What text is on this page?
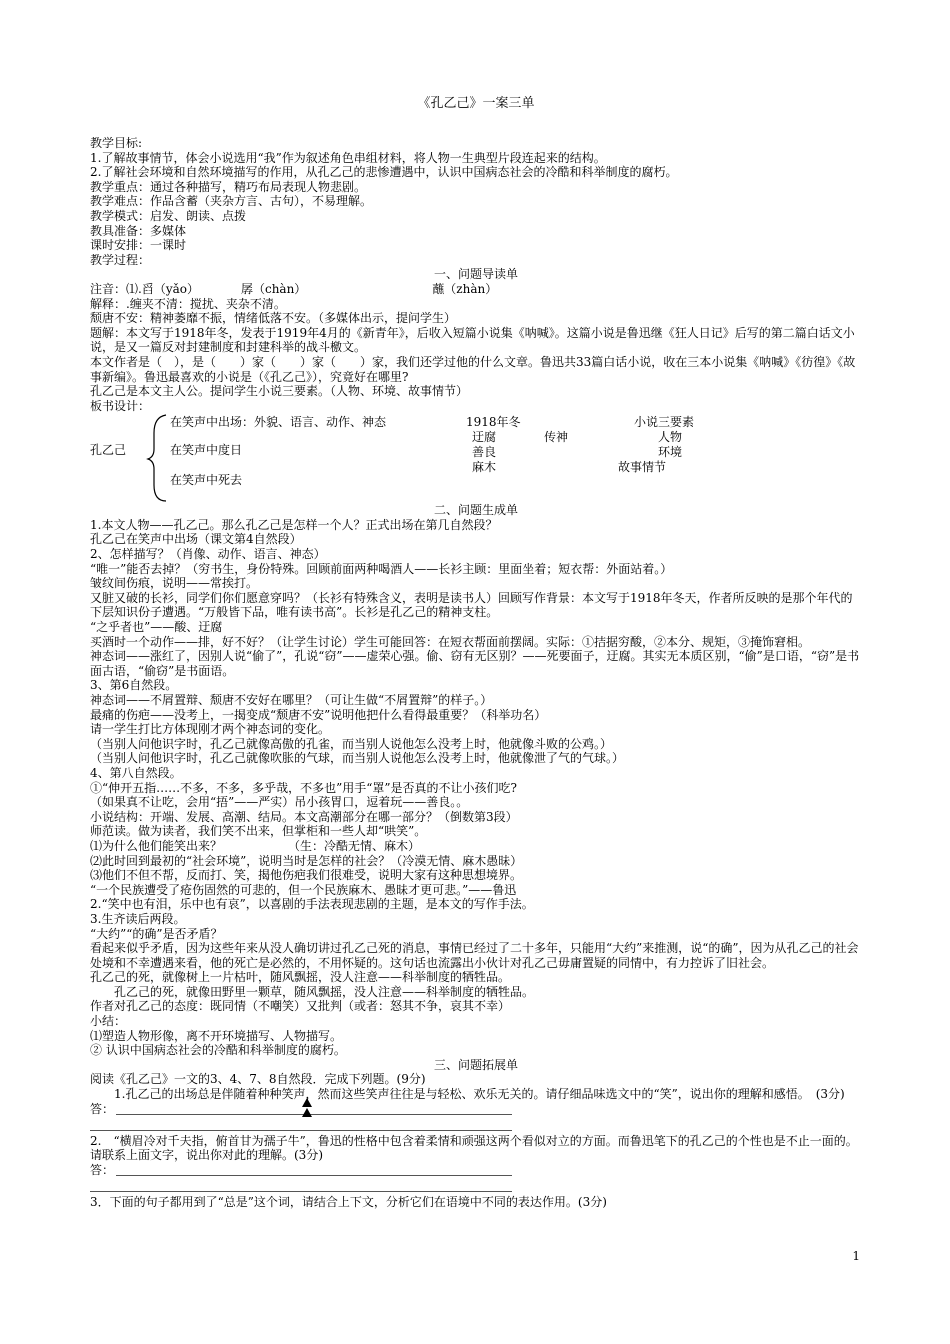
《孔乙己》一案三单

教学目标:

1.了解故事情节，体会小说选用“我”作为叙述角色串组材料，将人物一生典型片段连起来的结构。

2.了解社会环境和自然环境描写的作用，从孔乙己的悲惨遭遇中，认识中国病态社会的冷酷和科举制度的腐朽。

教学重点：通过各种描写，精巧布局表现人物悲剧。

教学难点：作品含蓄（夹杂方言、古句），不易理解。

教学模式：启发、朗读、点拨

教具准备：多媒体

课时安排：一课时

教学过程：

一、问题导读单

注音：⑴.舀（yǎo）　　　　孱（chàn）　　　　　　　　　　　蘸（zhàn）

解释：.缠夹不清：搅扰、夹杂不清。

颓唐不安：精神萎靡不振，情绪低落不安。（多媒体出示，提问学生）

题解：本文写于1918年冬，发表于1919年4月的《新青年》，后收入短篇小说集《呐喊》。这篇小说是鲁迅继《狂人日记》后写的第二篇白话文小说，是又一篇反对封建制度和封建科举的战斗檄文。

本文作者是（　），是（　　）家（　　）家（　　）家，我们还学过他的什么文章。鲁迅共33篇白话小说，收在三本小说集《呐喊》《彷徨》《故事新编》。鲁迅最喜欢的小说是（《孔乙己》），究竟好在哪里?

孔乙己是本文主人公。提问学生小说三要素。（人物、环境、故事情节）

板书设计：

孔乙己
在笑声中出场：外貌、语言、动作、神态
在笑声中度日
在笑声中死去
1918年冬
迂腐
善良
麻木
传神
小说三要素
人物
环境
故事情节

二、问题生成单

1.本文人物——孔乙己。那么孔乙己是怎样一个人？正式出场在第几自然段？

孔乙己在笑声中出场（课文第4自然段）

2、怎样描写？（肖像、动作、语言、神态）

“唯一”能否去掉？（穷书生，身份特殊。回顾前面两种喝酒人——长衫主顾：里面坐着；短衣帮：外面站着。）

皱纹间伤痕，说明——常挨打。

又脏又破的长衫，同学们你们愿意穿吗？（长衫有特殊含义，表明是读书人）回顾写作背景：本文写于1918年冬天，作者所反映的是那个年代的下层知识份子遭遇。“万般皆下品，唯有读书高”。长衫是孔乙己的精神支柱。

“之乎者也”——酸、迂腐

买酒时一个动作——排，好不好？（让学生讨论）学生可能回答：在短衣帮面前摆阔。实际：①拮据穷酸，②本分、规矩，③掩饰窘相。

神态词——涨红了，因别人说“偷了”，孔说“窃”——虚荣心强。偷、窃有无区别？——死要面子，迂腐。其实无本质区别，“偷”是口语，“窃”是书面古语，“偷窃”是书面语。

3、第6自然段。

神态词——不屑置辩、颓唐不安好在哪里？（可让生做“不屑置辩”的样子。）

最痛的伤疤——没考上，一揭变成“颓唐不安”说明他把什么看得最重要？（科举功名）

请一学生打比方体现刚才两个神态词的变化。

（当别人问他识字时，孔乙己就像高傲的孔雀，而当别人说他怎么没考上时，他就像斗败的公鸡。）

（当别人问他识字时，孔乙己就像吹胀的气球，而当别人说他怎么没考上时，他就像泄了气的气球。）

4、第八自然段。

①“伸开五指……不多，不多，多乎哉，不多也”用手“罩”是否真的不让小孩们吃?

（如果真不让吃，会用“捂”——严实）吊小孩胃口，逗着玩——善良。。

小说结构：开端、发展、高潮、结局。本文高潮部分在哪一部分？（倒数第3段）

师范读。做为读者，我们笑不出来，但掌柜和一些人却“哄笑”。

⑴为什么他们能笑出来？　　　　　　（生：冷酷无情、麻木）

⑵此时回到最初的“社会环境”，说明当时是怎样的社会？（冷漠无情、麻木愚昧）

⑶他们不但不帮，反而打、笑，揭他伤疤我们很难受，说明大家有这种思想境界。

“一个民族遭受了疮伤固然的可悲的，但一个民族麻木、愚昧才更可悲。”——鲁迅

2.“笑中也有泪，乐中也有哀”，以喜剧的手法表现悲剧的主题，是本文的写作手法。

3.生齐读后两段。

“大约”“的确”是否矛盾？

看起来似乎矛盾，因为这些年来从没人确切讲过孔乙己死的消息，事情已经过了二十多年，只能用“大约”来推测，说“的确”，因为从孔乙己的社会处境和不幸遭遇来看，他的死亡是必然的，不用怀疑的。这句话也流露出小伙计对孔乙己毋庸置疑的同情中，有力控诉了旧社会。

孔乙己的死，就像树上一片枯叶，随风飘摇，没人注意——科举制度的牺牲品。

　　孔乙己的死，就像田野里一颗草，随风飘摇，没人注意——科举制度的牺牲品。

作者对孔乙己的态度：既同情（不嘲笑）又批判（或者：怒其不争，哀其不幸）

小结：

⑴塑造人物形像，离不开环境描写、人物描写。

② 认识中国病态社会的冷酷和科举制度的腐朽。

三、问题拓展单

阅读《孔乙己》一文的3、4、7、8自然段．完成下列题。(9分)

　　1.孔乙己的出场总是伴随着种种笑声，然而这些笑声往往是与轻松、欢乐无关的。请仔细品味选文中的“笑”，说出你的理解和感悟。　(3分)

答：

2.　“横眉冷对千夫指，俯首甘为孺子牛”，鲁迅的性格中包含着柔情和顽强这两个看似对立的方面。而鲁迅笔下的孔乙己的个性也是不止一面的。请联系上面文字，说出你对此的理解。(3分)

答：

3．下面的句子都用到了“总是”这个词，请结合上下文，分析它们在语境中不同的表达作用。(3分)

1
